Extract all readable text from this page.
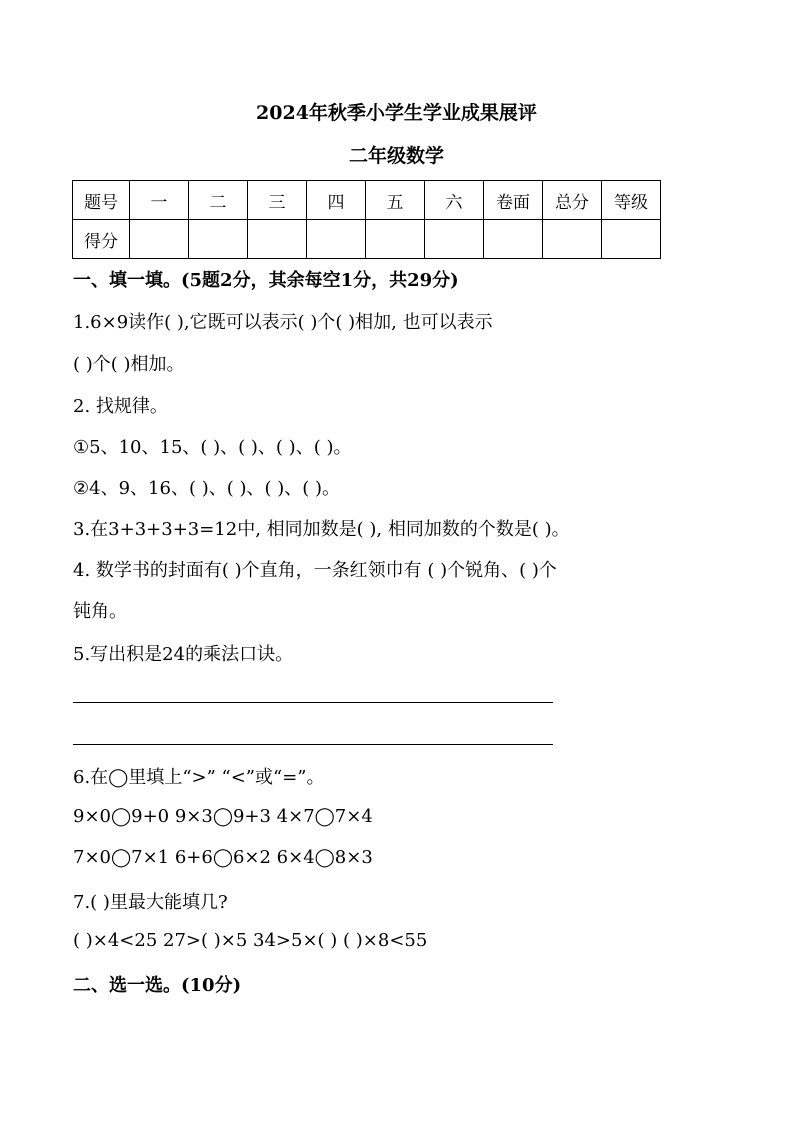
2024年秋季小学生学业成果展评
二年级数学
题号	一	二	三	四	五	六	卷面	总分	等级
得分									
一、填一填。(5题2分，其余每空1分，共29分)
1.6×9读作( ),它既可以表示( )个( )相加, 也可以表示
( )个( )相加。
2. 找规律。
①5、10、15、( )、( )、( )、( )。
②4、9、16、( )、( )、( )、( )。
3.在3+3+3+3=12中, 相同加数是( ), 相同加数的个数是( )。
4. 数学书的封面有( )个直角，一条红领巾有 ( )个锐角、( )个
钝角。
5.写出积是24的乘法口诀。
6.在◯里填上“>” “<”或“=”。
9×0◯9+0 9×3◯9+3 4×7◯7×4
7×0◯7×1 6+6◯6×2 6×4◯8×3
7.( )里最大能填几?
( )×4<25 27>( )×5 34>5×( ) ( )×8<55
二、选一选。(10分)
